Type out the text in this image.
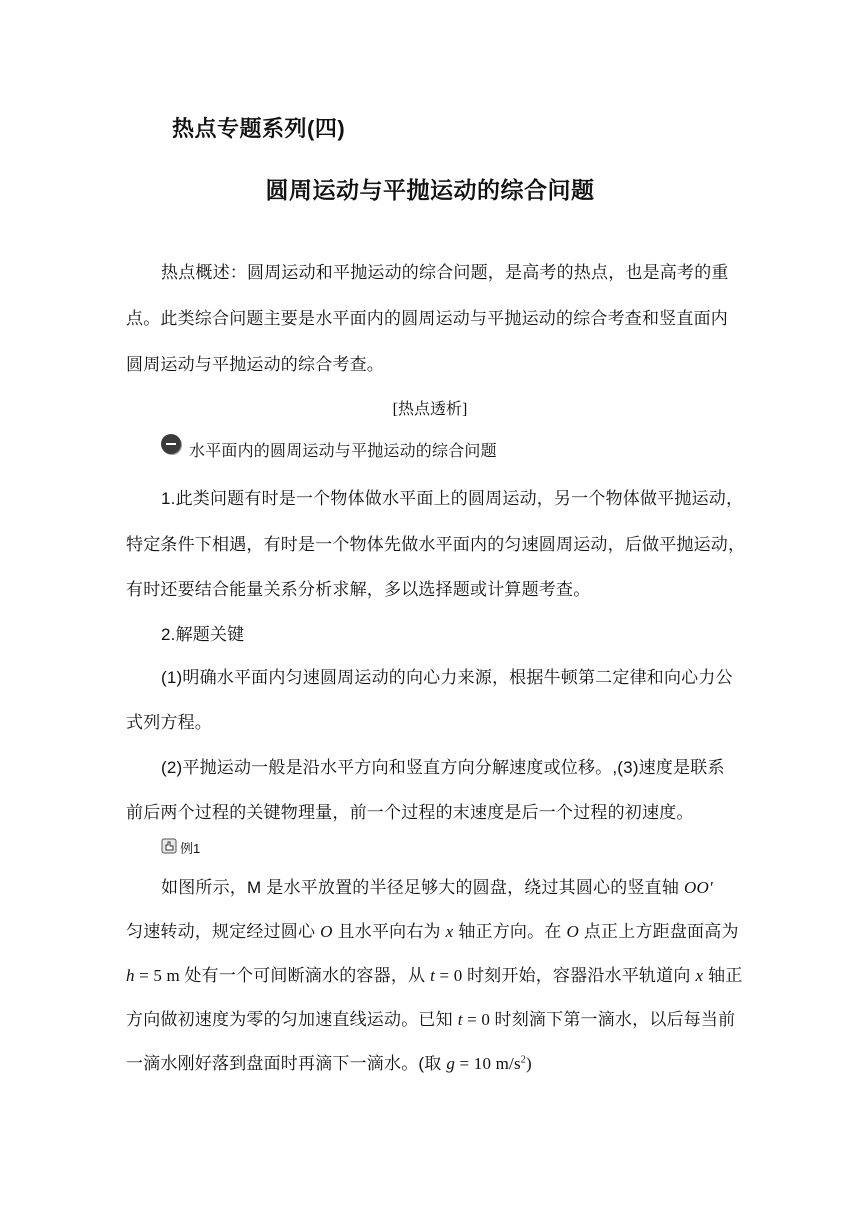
热点专题系列(四)
圆周运动与平抛运动的综合问题
热点概述：圆周运动和平抛运动的综合问题，是高考的热点，也是高考的重
点。此类综合问题主要是水平面内的圆周运动与平抛运动的综合考查和竖直面内
圆周运动与平抛运动的综合考查。
[热点透析]
水平面内的圆周运动与平抛运动的综合问题
1.此类问题有时是一个物体做水平面上的圆周运动，另一个物体做平抛运动，
特定条件下相遇，有时是一个物体先做水平面内的匀速圆周运动，后做平抛运动，
有时还要结合能量关系分析求解，多以选择题或计算题考查。
2.解题关键
(1)明确水平面内匀速圆周运动的向心力来源，根据牛顿第二定律和向心力公
式列方程。
(2)平抛运动一般是沿水平方向和竖直方向分解速度或位移。,(3)速度是联系
前后两个过程的关键物理量，前一个过程的末速度是后一个过程的初速度。
例1
如图所示，M 是水平放置的半径足够大的圆盘，绕过其圆心的竖直轴 OO′
匀速转动，规定经过圆心 O 且水平向右为 x 轴正方向。在 O 点正上方距盘面高为
h = 5 m 处有一个可间断滴水的容器，从 t = 0 时刻开始，容器沿水平轨道向 x 轴正
方向做初速度为零的匀加速直线运动。已知 t = 0 时刻滴下第一滴水，以后每当前
一滴水刚好落到盘面时再滴下一滴水。(取 g = 10 $m/s^2$)
